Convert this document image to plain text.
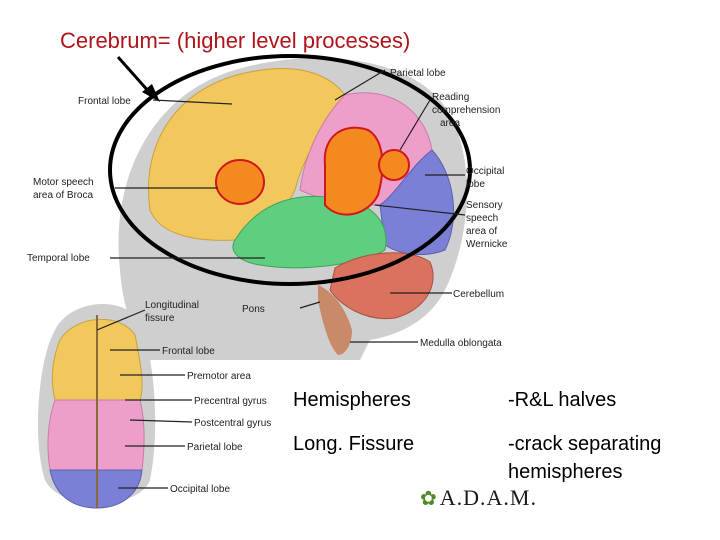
Cerebrum= (higher level processes)
Frontal lobe
Parietal lobe
Reading
comprehension
area
Motor speech
area of Broca
Occipital
lobe
Sensory
speech
area of
Wernicke
Temporal lobe
Cerebellum
Pons
Medulla oblongata
Longitudinal
fissure
Frontal lobe
Premotor area
Precentral gyrus
Postcentral gyrus
Parietal lobe
Occipital lobe
Hemispheres	-R&L halves
Long. Fissure	-crack separating hemispheres
✿A.D.A.M.
